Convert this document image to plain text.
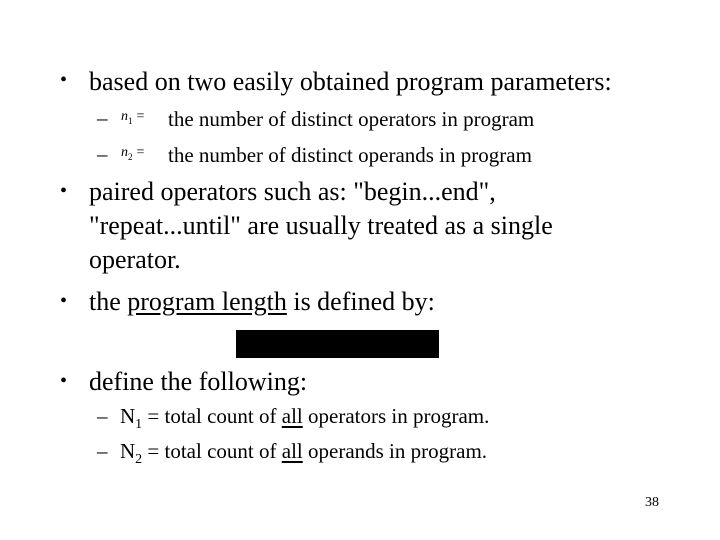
• based on two easily obtained program parameters:
– $n_1$ = the number of distinct operators in program
– $n_2$ = the number of distinct operands in program
• paired operators such as: "begin...end",
"repeat...until" are usually treated as a single
operator.
• the program length is defined by:
• define the following:
– $N_1$ = total count of all operators in program.
– $N_2$ = total count of all operands in program.
38
